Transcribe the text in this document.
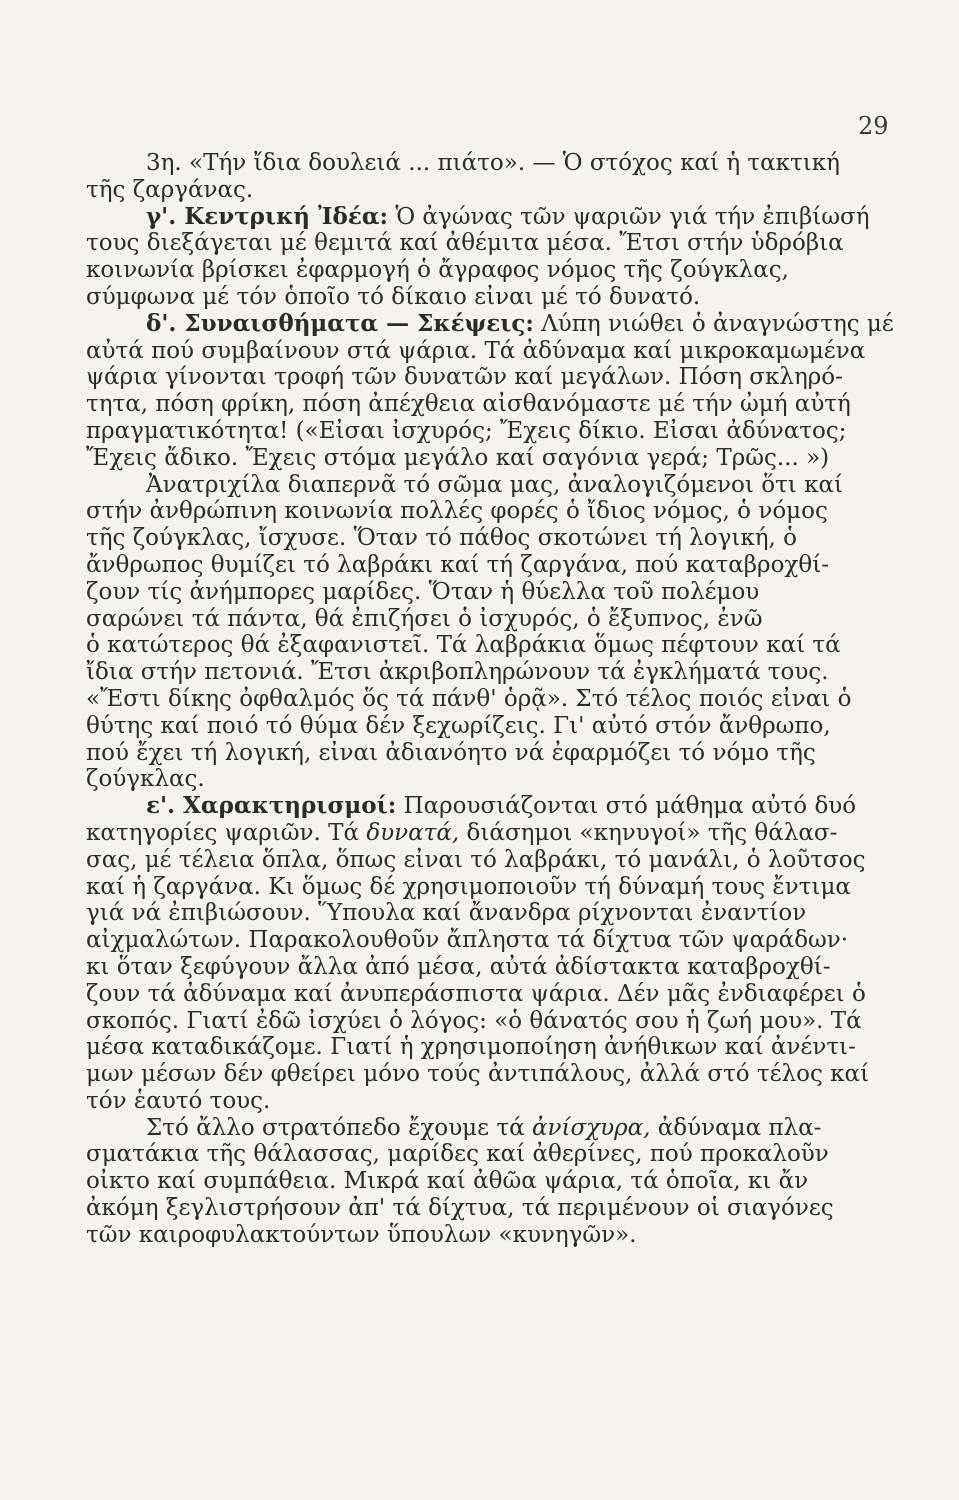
29
3η. «Τήν ἴδια δουλειά ... πιάτο». — Ὁ στόχος καί ἡ τακτική
τῆς ζαργάνας.
γ'. Κεντρική Ἰδέα: Ὁ ἀγώνας τῶν ψαριῶν γιά τήν ἐπιβίωσή
τους διεξάγεται μέ θεμιτά καί ἀθέμιτα μέσα. Ἔτσι στήν ὑδρόβια
κοινωνία βρίσκει ἐφαρμογή ὁ ἄγραφος νόμος τῆς ζούγκλας,
σύμφωνα μέ τόν ὁποῖο τό δίκαιο εἶναι μέ τό δυνατό.
δ'. Συναισθήματα — Σκέψεις: Λύπη νιώθει ὁ ἀναγνώστης μέ
αὐτά πού συμβαίνουν στά ψάρια. Τά ἀδύναμα καί μικροκαμωμένα
ψάρια γίνονται τροφή τῶν δυνατῶν καί μεγάλων. Πόση σκληρό-
τητα, πόση φρίκη, πόση ἀπέχθεια αἰσθανόμαστε μέ τήν ὠμή αὐτή
πραγματικότητα! («Εἶσαι ἰσχυρός; Ἔχεις δίκιο. Εἶσαι ἀδύνατος;
Ἔχεις ἄδικο. Ἔχεις στόμα μεγάλο καί σαγόνια γερά; Τρῶς... »)
Ἀνατριχίλα διαπερνᾶ τό σῶμα μας, ἀναλογιζόμενοι ὅτι καί
στήν ἀνθρώπινη κοινωνία πολλές φορές ὁ ἴδιος νόμος, ὁ νόμος
τῆς ζούγκλας, ἴσχυσε. Ὅταν τό πάθος σκοτώνει τή λογική, ὁ
ἄνθρωπος θυμίζει τό λαβράκι καί τή ζαργάνα, πού καταβροχθί-
ζουν τίς ἀνήμπορες μαρίδες. Ὅταν ἡ θύελλα τοῦ πολέμου
σαρώνει τά πάντα, θά ἐπιζήσει ὁ ἰσχυρός, ὁ ἔξυπνος, ἐνῶ
ὁ κατώτερος θά ἐξαφανιστεῖ. Τά λαβράκια ὅμως πέφτουν καί τά
ἴδια στήν πετονιά. Ἔτσι ἀκριβοπληρώνουν τά ἐγκλήματά τους.
«Ἔστι δίκης ὀφθαλμός ὅς τά πάνθ' ὁρᾷ». Στό τέλος ποιός εἶναι ὁ
θύτης καί ποιό τό θύμα δέν ξεχωρίζεις. Γι' αὐτό στόν ἄνθρωπο,
πού ἔχει τή λογική, εἶναι ἀδιανόητο νά ἐφαρμόζει τό νόμο τῆς
ζούγκλας.
ε'. Χαρακτηρισμοί: Παρουσιάζονται στό μάθημα αὐτό δυό
κατηγορίες ψαριῶν. Τά δυνατά, διάσημοι «κηνυγοί» τῆς θάλασ-
σας, μέ τέλεια ὅπλα, ὅπως εἶναι τό λαβράκι, τό μανάλι, ὁ λοῦτσος
καί ἡ ζαργάνα. Κι ὅμως δέ χρησιμοποιοῦν τή δύναμή τους ἔντιμα
γιά νά ἐπιβιώσουν. Ὕπουλα καί ἄνανδρα ρίχνονται ἐναντίον
αἰχμαλώτων. Παρακολουθοῦν ἄπληστα τά δίχτυα τῶν ψαράδων·
κι ὅταν ξεφύγουν ἄλλα ἀπό μέσα, αὐτά ἀδίστακτα καταβροχθί-
ζουν τά ἀδύναμα καί ἀνυπεράσπιστα ψάρια. Δέν μᾶς ἐνδιαφέρει ὁ
σκοπός. Γιατί ἐδῶ ἰσχύει ὁ λόγος: «ὁ θάνατός σου ἡ ζωή μου». Τά
μέσα καταδικάζομε. Γιατί ἡ χρησιμοποίηση ἀνήθικων καί ἀνέντι-
μων μέσων δέν φθείρει μόνο τούς ἀντιπάλους, ἀλλά στό τέλος καί
τόν ἑαυτό τους.
Στό ἄλλο στρατόπεδο ἔχουμε τά ἀνίσχυρα, ἀδύναμα πλα-
σματάκια τῆς θάλασσας, μαρίδες καί ἀθερίνες, πού προκαλοῦν
οἶκτο καί συμπάθεια. Μικρά καί ἀθῶα ψάρια, τά ὁποῖα, κι ἄν
ἀκόμη ξεγλιστρήσουν ἀπ' τά δίχτυα, τά περιμένουν οἱ σιαγόνες
τῶν καιροφυλακτούντων ὕπουλων «κυνηγῶν».
